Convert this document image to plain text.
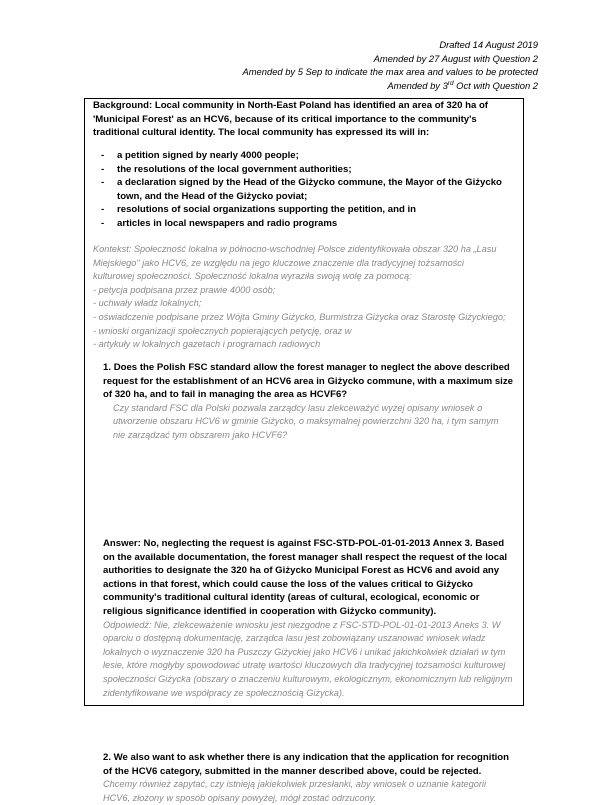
Drafted 14 August 2019
Amended by 27 August with Question 2
Amended by 5 Sep to indicate the max area and values to be protected
Amended by 3rd Oct with Question 2
Background: Local community in North-East Poland has identified an area of 320 ha of 'Municipal Forest' as an HCV6, because of its critical importance to the community's traditional cultural identity. The local community has expressed its will in:
- a petition signed by nearly 4000 people;
- the resolutions of the local government authorities;
- a declaration signed by the Head of the Giżycko commune, the Mayor of the Giżycko town, and the Head of the Giżycko poviat;
- resolutions of social organizations supporting the petition, and in
- articles in local newspapers and radio programs
Kontekst: Społeczność lokalna w północno-wschodniej Polsce zidentyfikowała obszar 320 ha „Lasu
Miejskiego" jako HCV6, ze względu na jego kluczowe znaczenie dla tradycyjnej tożsamości
kulturowej społeczności. Społeczność lokalna wyraziła swoją wolę za pomocą:
- petycja podpisana przez prawie 4000 osób;
- uchwały władz lokalnych;
- oświadczenie podpisane przez Wójta Gminy Giżycko, Burmistrza Giżycka oraz Starostę Giżyckiego;
- wnioski organizacji społecznych popierających petycję, oraz w
- artykuły w lokalnych gazetach i programach radiowych
1. Does the Polish FSC standard allow the forest manager to neglect the above described request for the establishment of an HCV6 area in Giżycko commune, with a maximum size of 320 ha, and to fail in managing the area as HCVF6?
Czy standard FSC dla Polski pozwala zarządcy lasu zlekceważyć wyżej opisany wniosek o utworzenie obszaru HCV6 w gminie Giżycko, o maksymalnej powierzchni 320 ha, i tym samym nie zarządzać tym obszarem jako HCVF6?
Answer: No, neglecting the request is against FSC-STD-POL-01-01-2013 Annex 3. Based on the available documentation, the forest manager shall respect the request of the local authorities to designate the 320 ha of Giżycko Municipal Forest as HCV6 and avoid any actions in that forest, which could cause the loss of the values critical to Giżycko community's traditional cultural identity (areas of cultural, ecological, economic or religious significance identified in cooperation with Giżycko community).
Odpowiedź: Nie, zlekceważenie wniosku jest niezgodne z FSC-STD-POL-01-01-2013 Aneks 3. W oparciu o dostępną dokumentację, zarządca lasu jest zobowiązany uszanować wniosek władz lokalnych o wyznaczenie 320 ha Puszczy Giżyckiej jako HCV6 i unikać jakichkolwiek działań w tym lesie, które mogłyby spowodować utratę wartości kluczowych dla tradycyjnej tożsamości kulturowej społeczności Giżycka (obszary o znaczeniu kulturowym, ekologicznym, ekonomicznym lub religijnym zidentyfikowane we współpracy ze społecznością Giżycka).
2. We also want to ask whether there is any indication that the application for recognition of the HCV6 category, submitted in the manner described above, could be rejected.
Chcemy również zapytać, czy istnieją jakiekolwiek przesłanki, aby wniosek o uznanie kategorii HCV6, złożony w sposób opisany powyżej, mógł zostać odrzucony.
